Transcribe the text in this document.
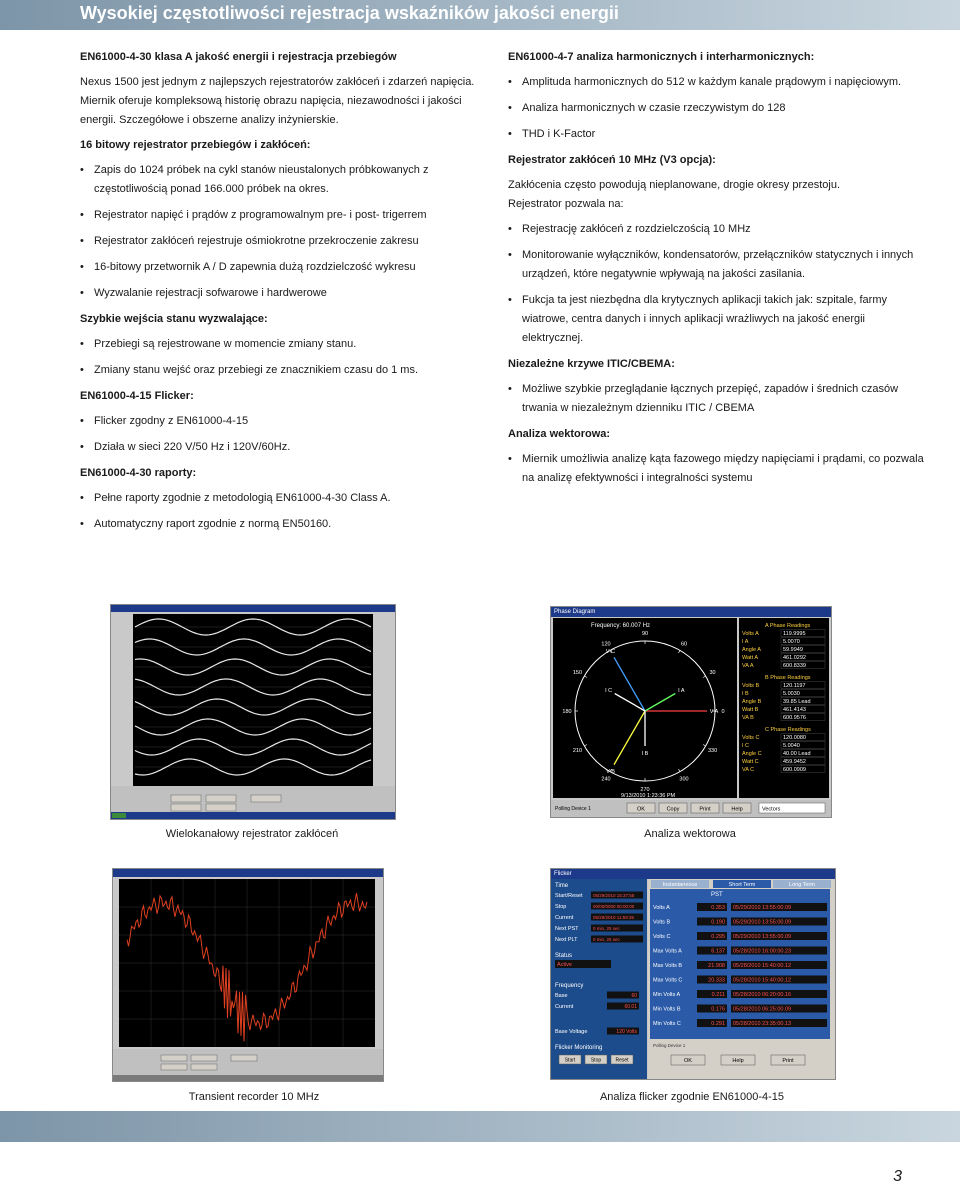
Wysokiej częstotliwości rejestracja wskaźników jakości energii

EN61000-4-30 klasa A jakość energii i rejestracja przebiegów

Nexus 1500 jest jednym z najlepszych rejestratorów zakłóceń i zdarzeń napięcia. Miernik oferuje kompleksową historię obrazu napięcia, niezawodności i jakości energii. Szczegółowe i obszerne analizy inżynierskie.

16 bitowy rejestrator przebiegów i zakłóceń:

• Zapis do 1024 próbek na cykl stanów nieustalonych próbkowanych z częstotliwością ponad 166.000 próbek na okres.
• Rejestrator napięć i prądów z programowalnym pre- i post- trigerrem
• Rejestrator zakłóceń rejestruje ośmiokrotne przekroczenie zakresu
• 16-bitowy przetwornik A / D zapewnia dużą rozdzielczość wykresu
• Wyzwalanie rejestracji sofwarowe i hardwerowe

Szybkie wejścia stanu wyzwalające:

• Przebiegi są rejestrowane w momencie zmiany stanu.
• Zmiany stanu wejść oraz przebiegi ze znacznikiem czasu do 1 ms.

EN61000-4-15 Flicker:

• Flicker zgodny z EN61000-4-15
• Działa w sieci 220 V/50 Hz i 120V/60Hz.

EN61000-4-30 raporty:

• Pełne raporty zgodnie z metodologią EN61000-4-30 Class A.
• Automatyczny raport zgodnie z normą EN50160.

EN61000-4-7 analiza harmonicznych i interharmonicznych:

• Amplituda harmonicznych do 512 w każdym kanale prądowym i napięciowym.
• Analiza harmonicznych w czasie rzeczywistym do 128
• THD i K-Factor

Rejestrator zakłóceń 10 MHz (V3 opcja):

Zakłócenia często powodują nieplanowane, drogie okresy przestoju.

Rejestrator pozwala na:

• Rejestrację zakłóceń z rozdzielczością 10 MHz
• Monitorowanie wyłączników, kondensatorów, przełączników statycznych i innych urządzeń, które negatywnie wpływają na jakości zasilania.
• Fukcja ta jest niezbędna dla krytycznych aplikacji takich jak: szpitale, farmy wiatrowe, centra danych i innych aplikacji wrażliwych na jakość energii elektrycznej.

Niezależne krzywe ITIC/CBEMA:

• Możliwe szybkie przeglądanie łącznych przepięć, zapadów i średnich czasów trwania w niezależnym dzienniku ITIC / CBEMA

Analiza wektorowa:

• Miernik umożliwia analizę kąta fazowego między napięciami i prądami, co pozwala na analizę efektywności i integralności systemu
Wielokanałowy rejestrator zakłóceń
Phase Diagram
Frequency: 60.007 Hz
0
30
60
90
120
150
180
210
240
270
300
330
V A
V B
V C
I A
I B
I C
9/13/2010 1:23:36 PM
A Phase Readings
Volts A	119.9995
I A	5.0070
Angle A	59.9949
Watt A	461.0292
VA A	600.8339
B Phase Readings
Volts B	120.1197
I B	5.0030
Angle B	39.85 Lead
Watt B	461.4143
VA B	600.9576
C Phase Readings
Volts C	120.0080
I C	5.0040
Angle C	40.00 Lead
Watt C	459.9452
VA C	600.0909
Polling Device 1	OK	Copy	Print	Help	Vectors
Analiza wektorowa
Transient recorder 10 MHz
Flicker
Time
Start/Reset 05/29/2010 15:37:55
Stop	00/00/0000 00:00:00
Current	05/29/2010 11:59:35
Next PST	0 min, 25 sec
Next PLT	0 min, 25 sec
Status
Active
Frequency
Base	60
Current	60.01
Base Voltage	120 Volts
Flicker Monitoring
Start	Stop	Reset
Instantaneous	Short Term	Long Term
PST
Volts A	0.353 05/29/2010 13:55:00.09
Volts B	0.190 05/29/2010 13:55:00.09
Volts C	0.295 05/29/2010 13:55:00.09
Max Volts A	6.137 05/28/2010 16:00:00.23
Max Volts B	21.908 05/28/2010 15:40:00.12
Max Volts C	20.333 05/28/2010 15:40:00.12
Min Volts A	0.211 05/28/2010 06:20:00.16
Min Volts B	0.176 05/28/2010 06:25:00.09
Min Volts C	0.291 05/28/2010 23:35:00.13
Polling Device 1
OK	Help	Print
Analiza flicker zgodnie EN61000-4-15
3
